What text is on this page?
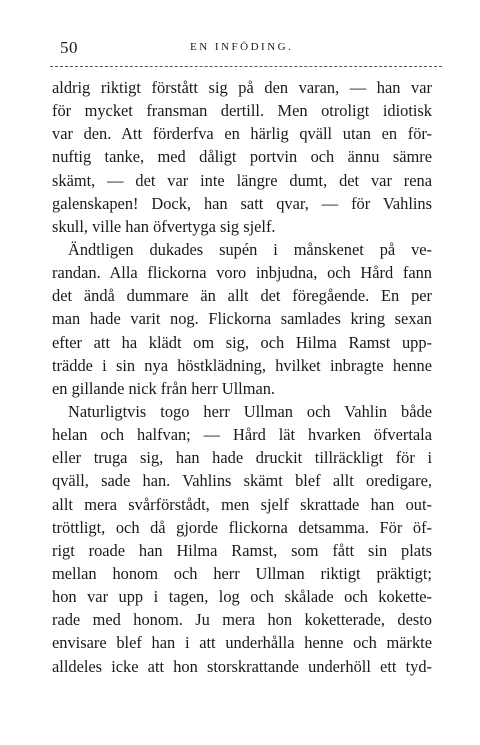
50	EN INFÖDING.
aldrig riktigt förstått sig på den varan, — han var
för mycket fransman dertill. Men otroligt idiotisk
var den. Att förderfva en härlig qväll utan en för-
nuftig tanke, med dåligt portvin och ännu sämre
skämt, — det var inte längre dumt, det var rena
galenskapen! Dock, han satt qvar, — för Vahlins
skull, ville han öfvertyga sig sjelf.
Ändtligen dukades supén i månskenet på ve-
randan. Alla flickorna voro inbjudna, och Hård fann
det ändå dummare än allt det föregående. En per
man hade varit nog. Flickorna samlades kring sexan
efter att ha klädt om sig, och Hilma Ramst upp-
trädde i sin nya höstklädning, hvilket inbragte henne
en gillande nick från herr Ullman.
Naturligtvis togo herr Ullman och Vahlin både
helan och halfvan; — Hård lät hvarken öfvertala
eller truga sig, han hade druckit tillräckligt för i
qväll, sade han. Vahlins skämt blef allt oredigare,
allt mera svårförstådt, men sjelf skrattade han out-
tröttligt, och då gjorde flickorna detsamma. För öf-
rigt roade han Hilma Ramst, som fått sin plats
mellan honom och herr Ullman riktigt präktigt;
hon var upp i tagen, log och skålade och kokette-
rade med honom. Ju mera hon koketterade, desto
envisare blef han i att underhålla henne och märkte
alldeles icke att hon storskrattande underhöll ett tyd-
